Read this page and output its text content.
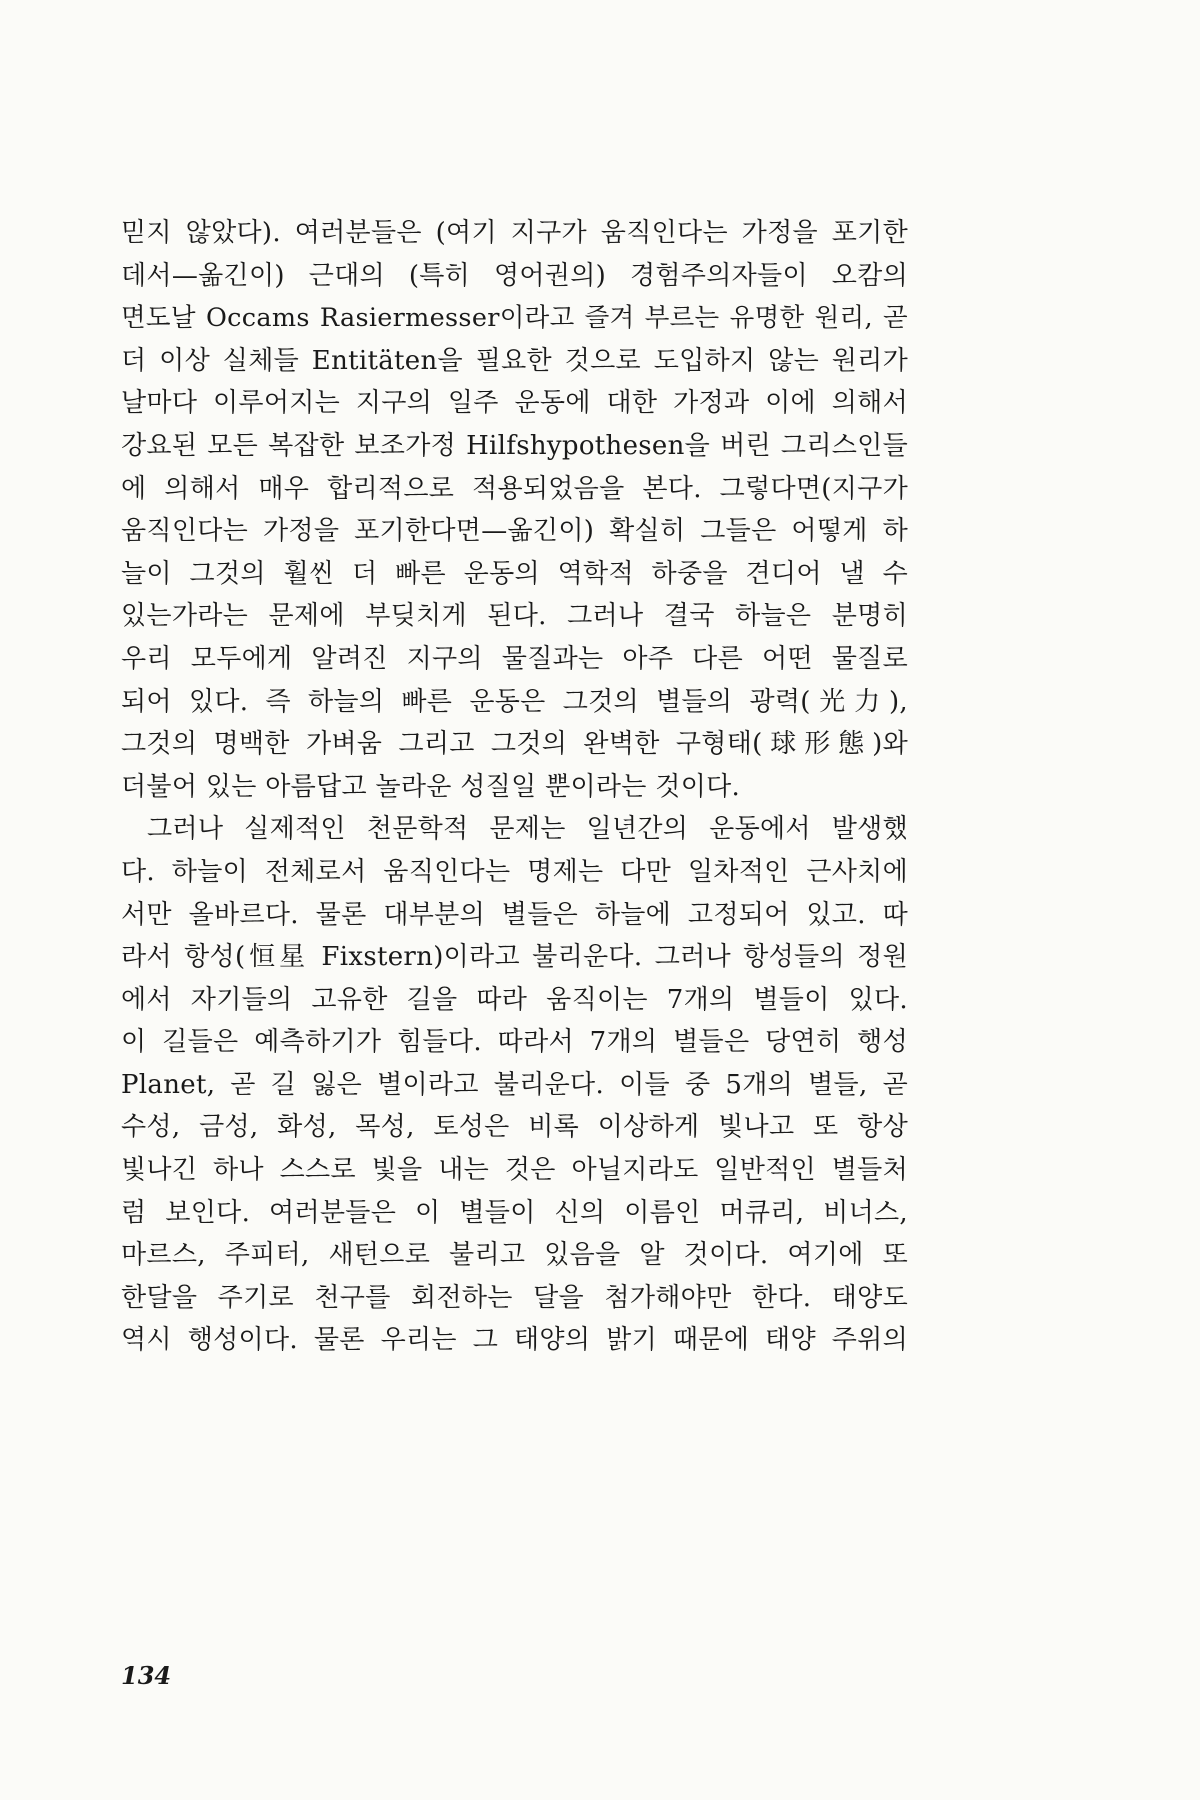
믿지 않았다). 여러분들은 (여기 지구가 움직인다는 가정을 포기한
데서—옮긴이) 근대의 (특히 영어권의) 경험주의자들이 오캄의
면도날 Occams Rasiermesser이라고 즐겨 부르는 유명한 원리, 곧
더 이상 실체들 Entitäten을 필요한 것으로 도입하지 않는 원리가
날마다 이루어지는 지구의 일주 운동에 대한 가정과 이에 의해서
강요된 모든 복잡한 보조가정 Hilfshypothesen을 버린 그리스인들
에 의해서 매우 합리적으로 적용되었음을 본다. 그렇다면(지구가
움직인다는 가정을 포기한다면—옮긴이) 확실히 그들은 어떻게 하
늘이 그것의 훨씬 더 빠른 운동의 역학적 하중을 견디어 낼 수
있는가라는 문제에 부딪치게 된다. 그러나 결국 하늘은 분명히
우리 모두에게 알려진 지구의 물질과는 아주 다른 어떤 물질로
되어 있다. 즉 하늘의 빠른 운동은 그것의 별들의 광력(光力),
그것의 명백한 가벼움 그리고 그것의 완벽한 구형태(球形態)와
더불어 있는 아름답고 놀라운 성질일 뿐이라는 것이다.
그러나 실제적인 천문학적 문제는 일년간의 운동에서 발생했
다. 하늘이 전체로서 움직인다는 명제는 다만 일차적인 근사치에
서만 올바르다. 물론 대부분의 별들은 하늘에 고정되어 있고. 따
라서 항성(恒星 Fixstern)이라고 불리운다. 그러나 항성들의 정원
에서 자기들의 고유한 길을 따라 움직이는 7개의 별들이 있다.
이 길들은 예측하기가 힘들다. 따라서 7개의 별들은 당연히 행성
Planet, 곧 길 잃은 별이라고 불리운다. 이들 중 5개의 별들, 곧
수성, 금성, 화성, 목성, 토성은 비록 이상하게 빛나고 또 항상
빛나긴 하나 스스로 빛을 내는 것은 아닐지라도 일반적인 별들처
럼 보인다. 여러분들은 이 별들이 신의 이름인 머큐리, 비너스,
마르스, 주피터, 새턴으로 불리고 있음을 알 것이다. 여기에 또
한달을 주기로 천구를 회전하는 달을 첨가해야만 한다. 태양도
역시 행성이다. 물론 우리는 그 태양의 밝기 때문에 태양 주위의
134
